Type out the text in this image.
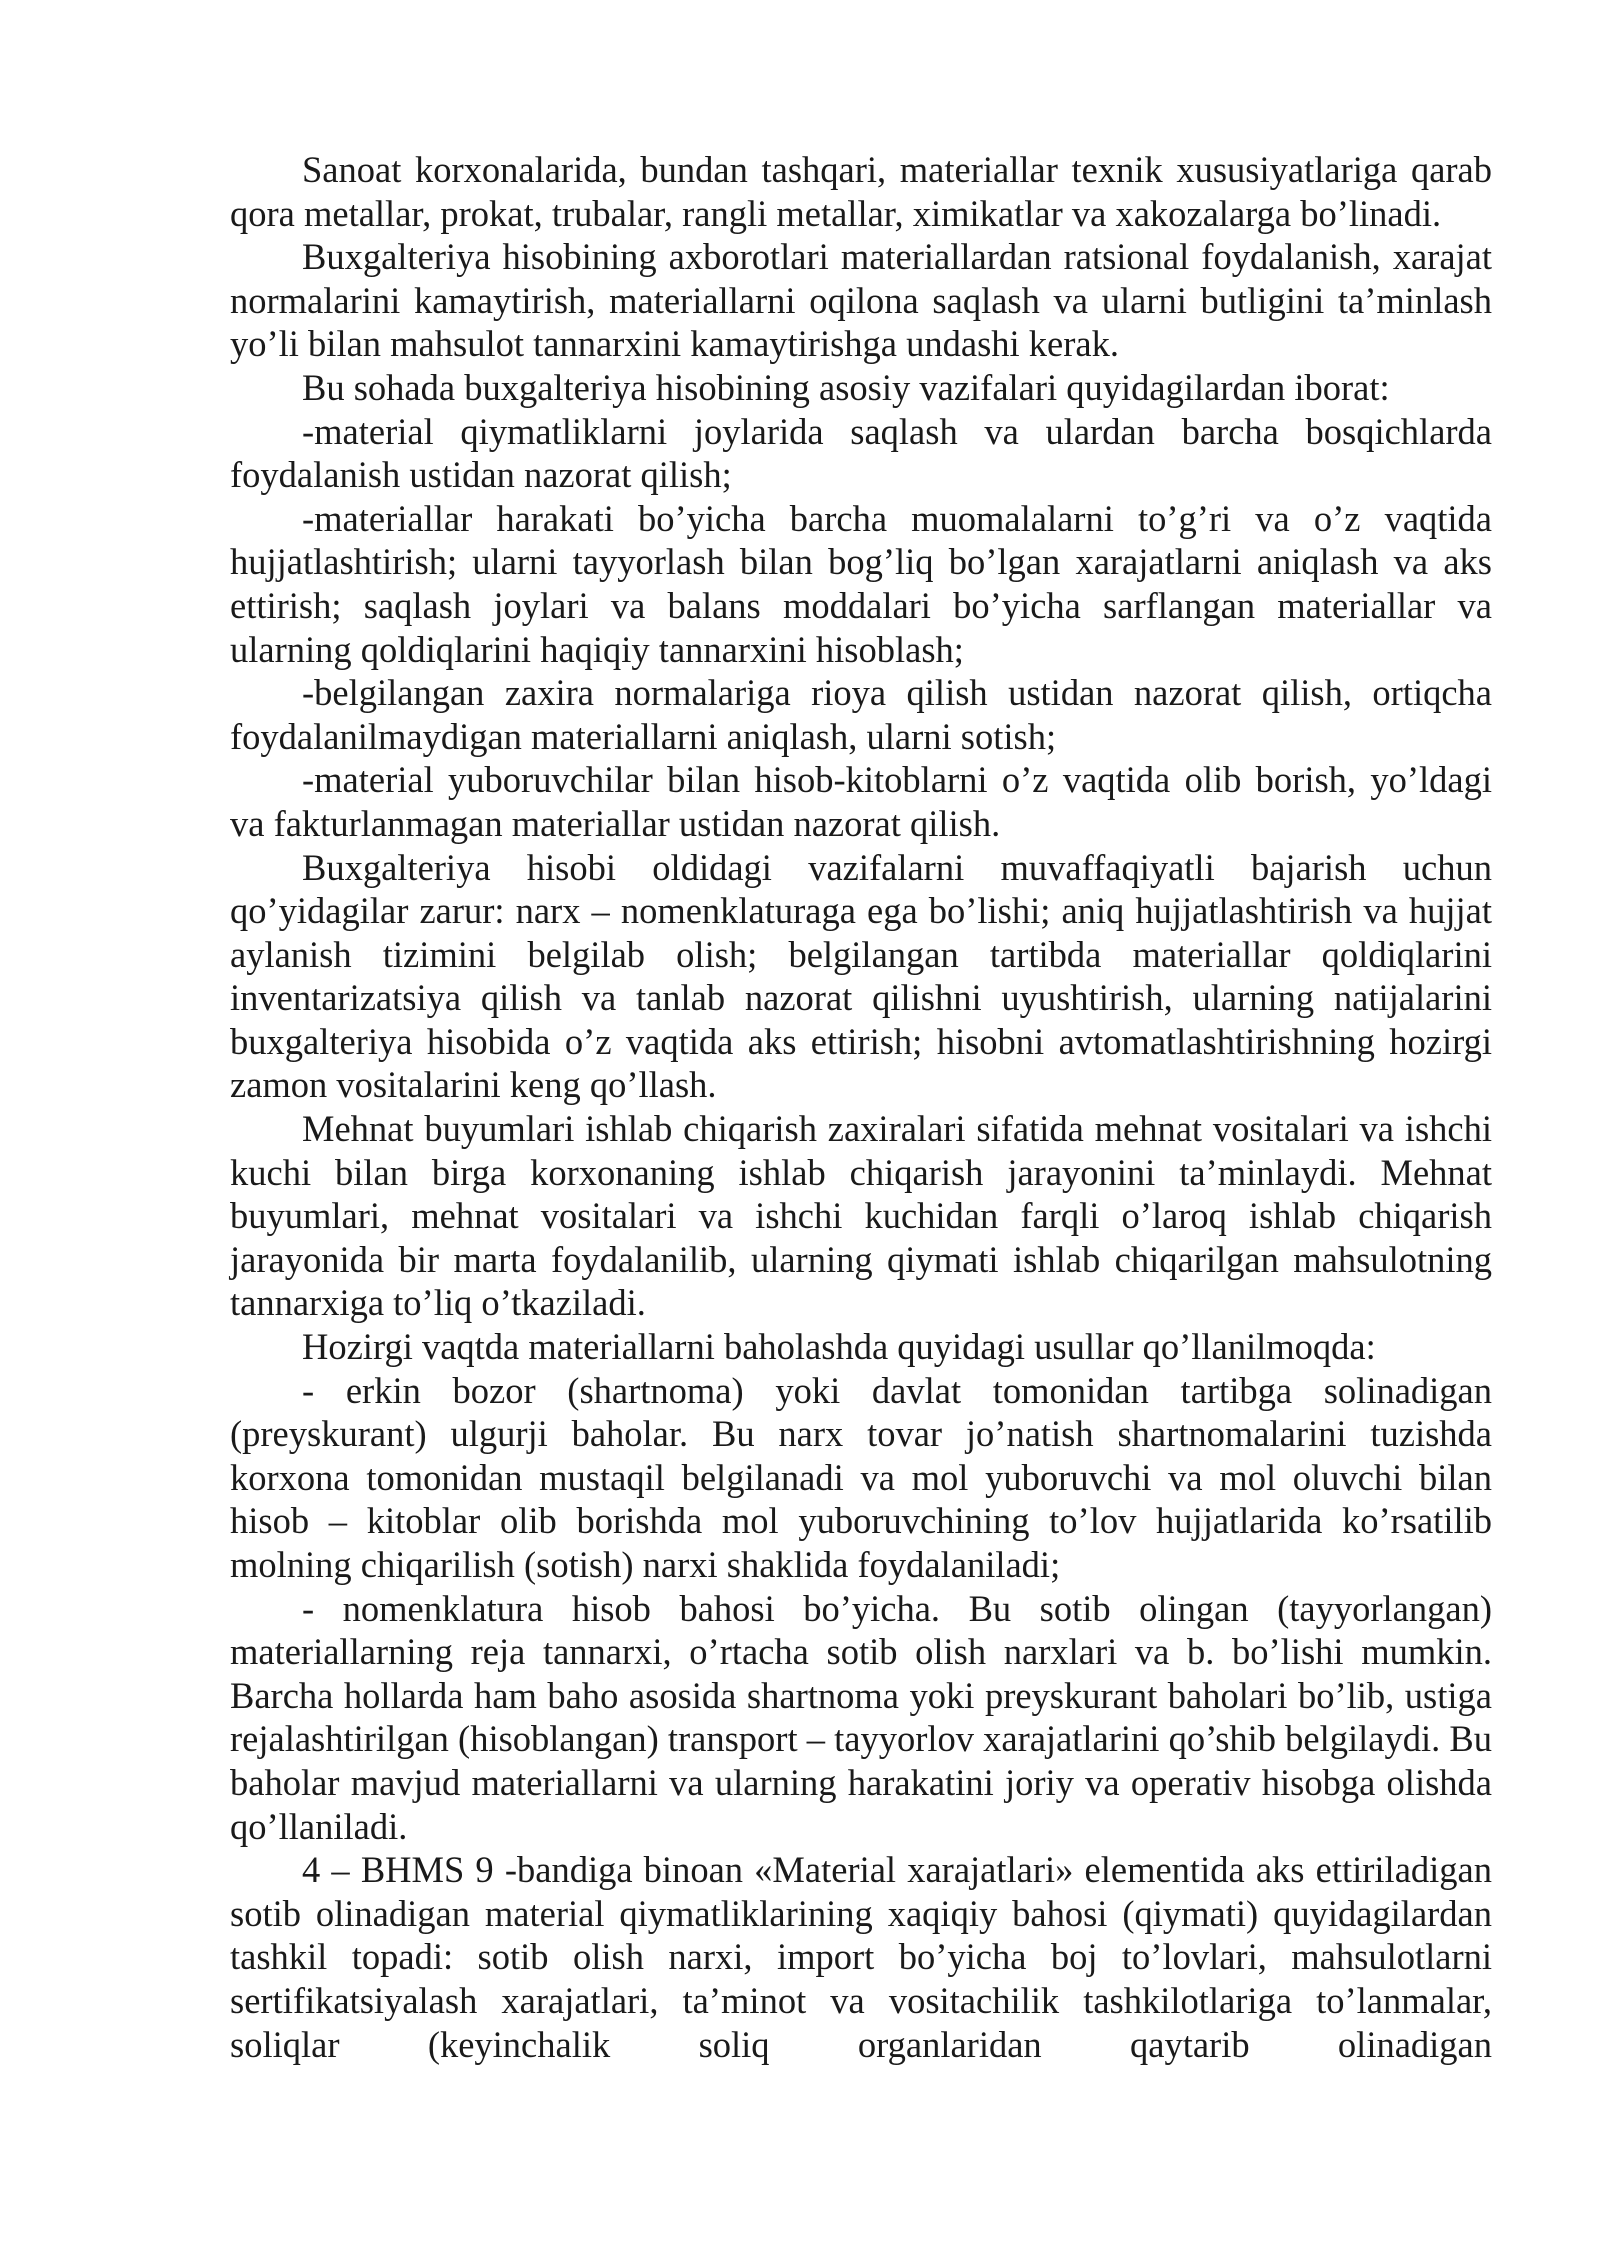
Sanoat korxonalarida, bundan tashqari, materiallar texnik xususiyatlariga qarab qora metallar, prokat, trubalar, rangli metallar, ximikatlar va xakozalarga bo’linadi.

Buxgalteriya hisobining axborotlari materiallardan ratsional foydalanish, xarajat normalarini kamaytirish, materiallarni oqilona saqlash va ularni butligini ta’minlash yo’li bilan mahsulot tannarxini kamaytirishga undashi kerak.

Bu sohada buxgalteriya hisobining asosiy vazifalari quyidagilardan iborat:

-material qiymatliklarni joylarida saqlash va ulardan barcha bosqichlarda foydalanish ustidan nazorat qilish;

-materiallar harakati bo’yicha barcha muomalalarni to’g’ri va o’z vaqtida hujjatlashtirish; ularni tayyorlash bilan bog’liq bo’lgan xarajatlarni aniqlash va aks ettirish; saqlash joylari va balans moddalari bo’yicha sarflangan materiallar va ularning qoldiqlarini haqiqiy tannarxini hisoblash;

-belgilangan zaxira normalariga rioya qilish ustidan nazorat qilish, ortiqcha foydalanilmaydigan materiallarni aniqlash, ularni sotish;

-material yuboruvchilar bilan hisob-kitoblarni o’z vaqtida olib borish, yo’ldagi va fakturlanmagan materiallar ustidan nazorat qilish.

Buxgalteriya hisobi oldidagi vazifalarni muvaffaqiyatli bajarish uchun qo’yidagilar zarur: narx – nomenklaturaga ega bo’lishi; aniq hujjatlashtirish va hujjat aylanish tizimini belgilab olish; belgilangan tartibda materiallar qoldiqlarini inventarizatsiya qilish va tanlab nazorat qilishni uyushtirish, ularning natijalarini buxgalteriya hisobida o’z vaqtida aks ettirish; hisobni avtomatlashtirishning hozirgi zamon vositalarini keng qo’llash.

Mehnat buyumlari ishlab chiqarish zaxiralari sifatida mehnat vositalari va ishchi kuchi bilan birga korxonaning ishlab chiqarish jarayonini ta’minlaydi. Mehnat buyumlari, mehnat vositalari va ishchi kuchidan farqli o’laroq ishlab chiqarish jarayonida bir marta foydalanilib, ularning qiymati ishlab chiqarilgan mahsulotning tannarxiga to’liq o’tkaziladi.

Hozirgi vaqtda materiallarni baholashda quyidagi usullar qo’llanilmoqda:

- erkin bozor (shartnoma) yoki davlat tomonidan tartibga solinadigan (preyskurant) ulgurji baholar. Bu narx tovar jo’natish shartnomalarini tuzishda korxona tomonidan mustaqil belgilanadi va mol yuboruvchi va mol oluvchi bilan hisob – kitoblar olib borishda mol yuboruvchining to’lov hujjatlarida ko’rsatilib molning chiqarilish (sotish) narxi shaklida foydalaniladi;

- nomenklatura hisob bahosi bo’yicha. Bu sotib olingan (tayyorlangan) materiallarning reja tannarxi, o’rtacha sotib olish narxlari va b. bo’lishi mumkin. Barcha hollarda ham baho asosida shartnoma yoki preyskurant baholari bo’lib, ustiga rejalashtirilgan (hisoblangan) transport – tayyorlov xarajatlarini qo’shib belgilaydi. Bu baholar mavjud materiallarni va ularning harakatini joriy va operativ hisobga olishda qo’llaniladi.

4 – BHMS 9 -bandiga binoan «Material xarajatlari» elementida aks ettiriladigan sotib olinadigan material qiymatliklarining xaqiqiy bahosi (qiymati) quyidagilardan tashkil topadi: sotib olish narxi, import bo’yicha boj to’lovlari, mahsulotlarni sertifikatsiyalash xarajatlari, ta’minot va vositachilik tashkilotlariga to’lanmalar, soliqlar (keyinchalik soliq organlaridan qaytarib olinadigan
